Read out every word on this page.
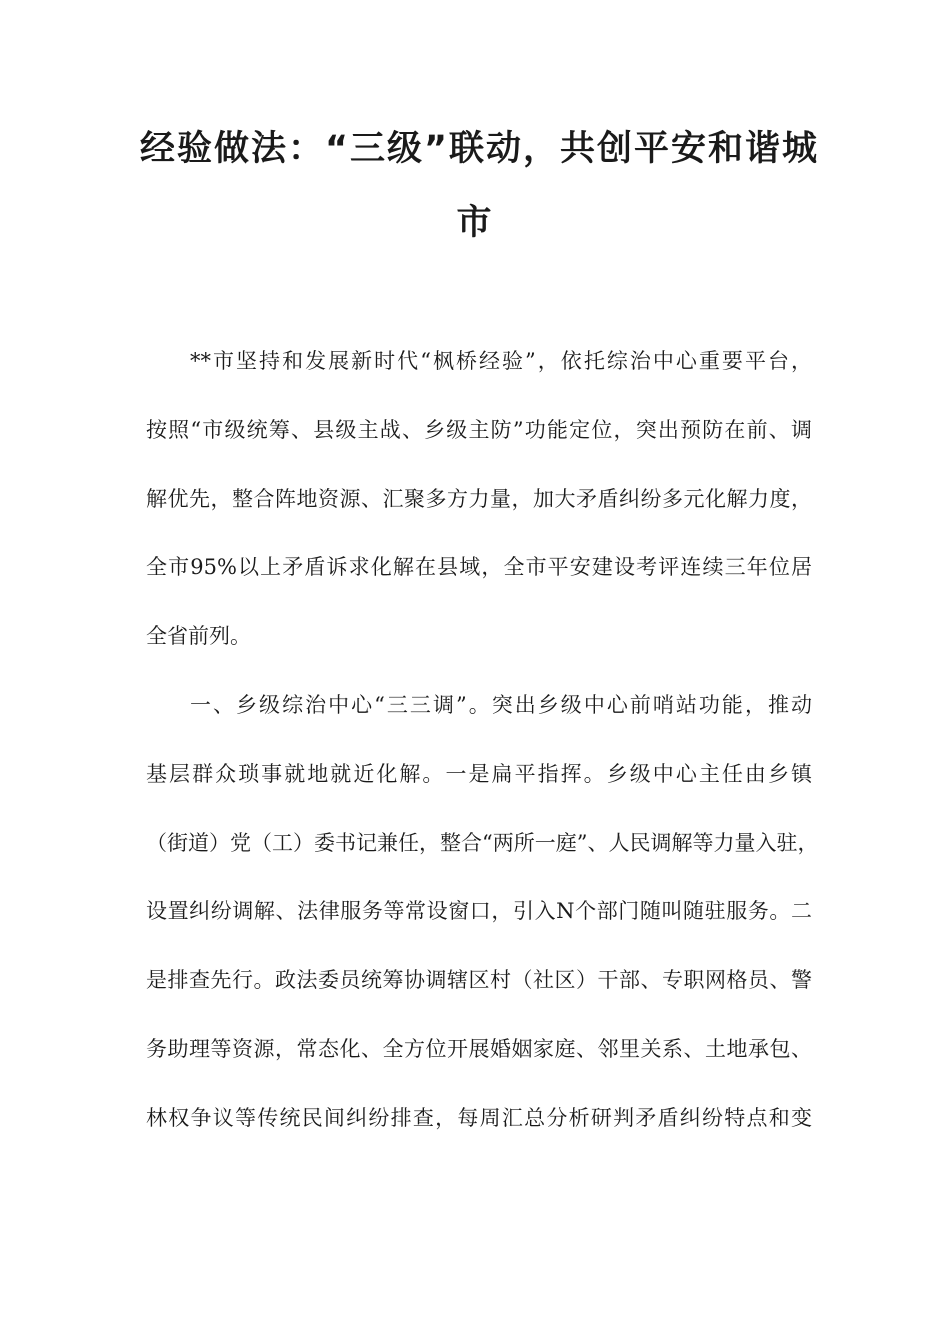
经验做法：“三级”联动，共创平安和谐城
市
**市坚持和发展新时代“枫桥经验”，依托综治中心重要平台，
按照“市级统筹、县级主战、乡级主防”功能定位，突出预防在前、调
解优先，整合阵地资源、汇聚多方力量，加大矛盾纠纷多元化解力度，
全市95%以上矛盾诉求化解在县域，全市平安建设考评连续三年位居
全省前列。
一、乡级综治中心“三三调”。突出乡级中心前哨站功能，推动
基层群众琐事就地就近化解。一是扁平指挥。乡级中心主任由乡镇
（街道）党（工）委书记兼任，整合“两所一庭”、人民调解等力量入驻，
设置纠纷调解、法律服务等常设窗口，引入N个部门随叫随驻服务。二
是排查先行。政法委员统筹协调辖区村（社区）干部、专职网格员、警
务助理等资源，常态化、全方位开展婚姻家庭、邻里关系、土地承包、
林权争议等传统民间纠纷排查，每周汇总分析研判矛盾纠纷特点和变
